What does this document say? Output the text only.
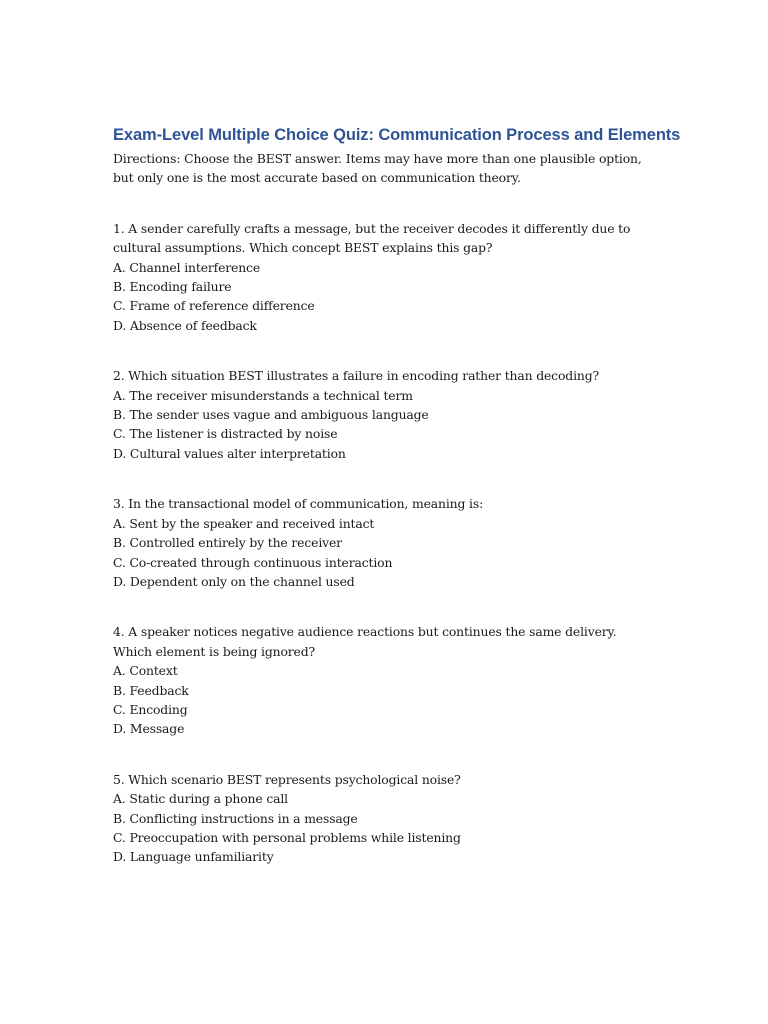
Exam-Level Multiple Choice Quiz: Communication Process and Elements

Directions: Choose the BEST answer. Items may have more than one plausible option, but only one is the most accurate based on communication theory.

1. A sender carefully crafts a message, but the receiver decodes it differently due to cultural assumptions. Which concept BEST explains this gap?
A. Channel interference
B. Encoding failure
C. Frame of reference difference
D. Absence of feedback
2. Which situation BEST illustrates a failure in encoding rather than decoding?
A. The receiver misunderstands a technical term
B. The sender uses vague and ambiguous language
C. The listener is distracted by noise
D. Cultural values alter interpretation
3. In the transactional model of communication, meaning is:
A. Sent by the speaker and received intact
B. Controlled entirely by the receiver
C. Co-created through continuous interaction
D. Dependent only on the channel used
4. A speaker notices negative audience reactions but continues the same delivery. Which element is being ignored?
A. Context
B. Feedback
C. Encoding
D. Message
5. Which scenario BEST represents psychological noise?
A. Static during a phone call
B. Conflicting instructions in a message
C. Preoccupation with personal problems while listening
D. Language unfamiliarity
